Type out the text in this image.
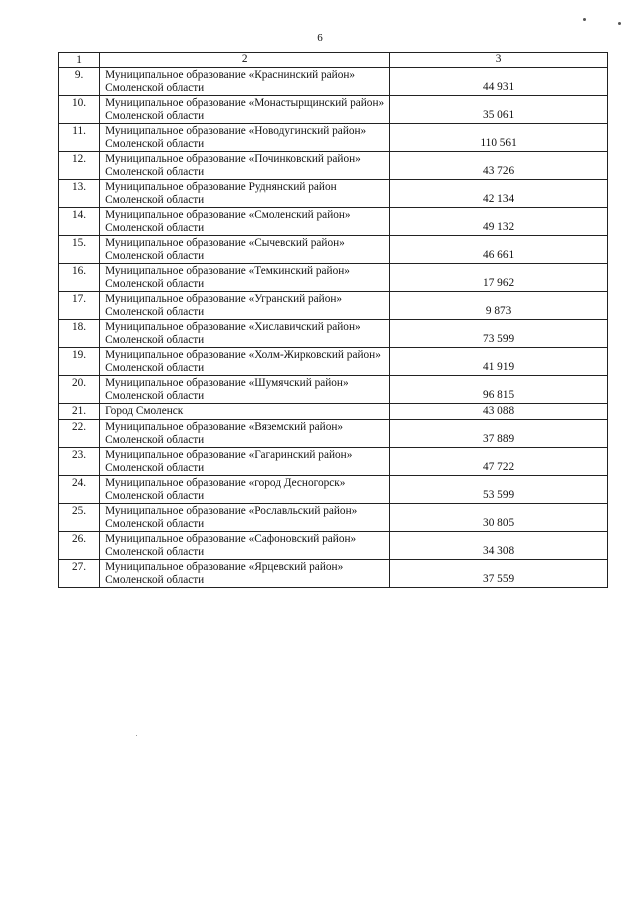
6
1	2	3
9.	Муниципальное образование «Краснинский район» Смоленской области	44 931
10.	Муниципальное образование «Монастырщинский район» Смоленской области	35 061
11.	Муниципальное образование «Новодугинский район» Смоленской области	110 561
12.	Муниципальное образование «Починковский район» Смоленской области	43 726
13.	Муниципальное образование Руднянский район Смоленской области	42 134
14.	Муниципальное образование «Смоленский район» Смоленской области	49 132
15.	Муниципальное образование «Сычевский район» Смоленской области	46 661
16.	Муниципальное образование «Темкинский район» Смоленской области	17 962
17.	Муниципальное образование «Угранский район» Смоленской области	9 873
18.	Муниципальное образование «Хиславичский район» Смоленской области	73 599
19.	Муниципальное образование «Холм-Жирковский район» Смоленской области	41 919
20.	Муниципальное образование «Шумячский район» Смоленской области	96 815
21.	Город Смоленск	43 088
22.	Муниципальное образование «Вяземский район» Смоленской области	37 889
23.	Муниципальное образование «Гагаринский район» Смоленской области	47 722
24.	Муниципальное образование «город Десногорск» Смоленской области	53 599
25.	Муниципальное образование «Рославльский район» Смоленской области	30 805
26.	Муниципальное образование «Сафоновский район» Смоленской области	34 308
27.	Муниципальное образование «Ярцевский район» Смоленской области	37 559
